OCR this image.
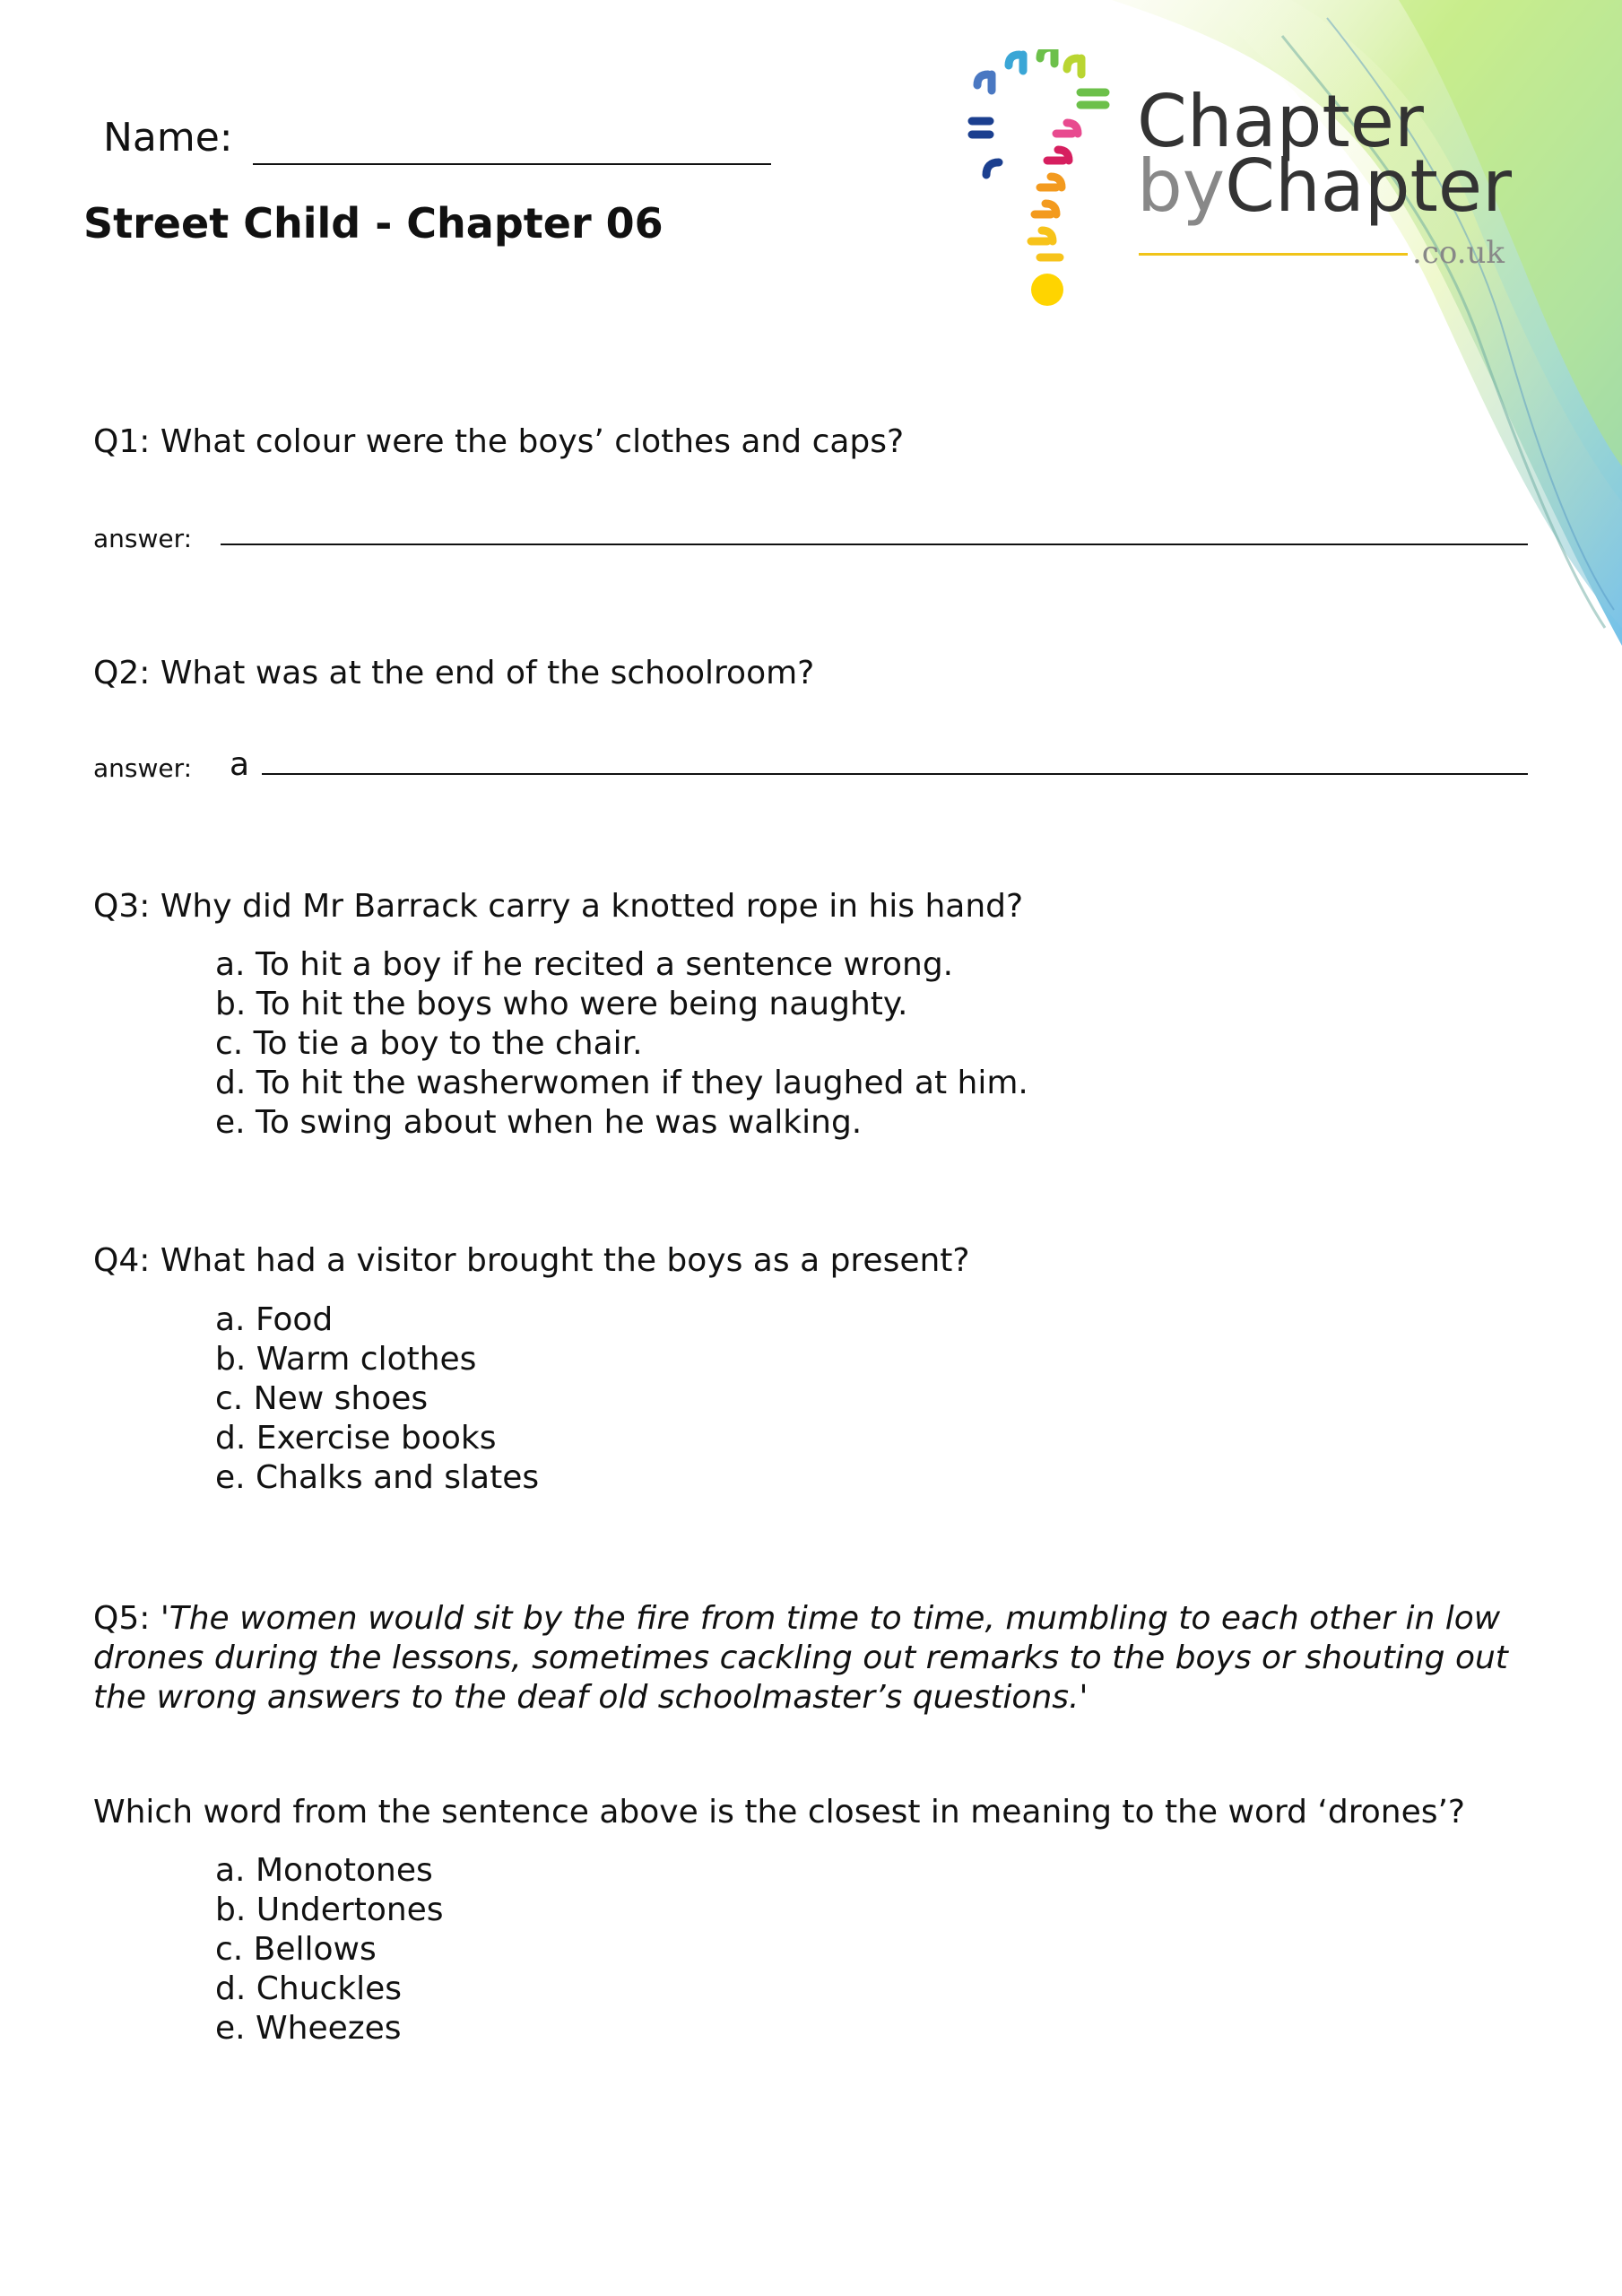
Name:
Street Child - Chapter 06
Chapter
byChapter
.co.uk
Q1: What colour were the boys’ clothes and caps?
answer:
Q2: What was at the end of the schoolroom?
answer: a
Q3: Why did Mr Barrack carry a knotted rope in his hand?
a. To hit a boy if he recited a sentence wrong.
b. To hit the boys who were being naughty.
c. To tie a boy to the chair.
d. To hit the washerwomen if they laughed at him.
e. To swing about when he was walking.
Q4: What had a visitor brought the boys as a present?
a. Food
b. Warm clothes
c. New shoes
d. Exercise books
e. Chalks and slates
Q5: 'The women would sit by the fire from time to time, mumbling to each other in low drones during the lessons, sometimes cackling out remarks to the boys or shouting out the wrong answers to the deaf old schoolmaster’s questions.'
Which word from the sentence above is the closest in meaning to the word ‘drones’?
a. Monotones
b. Undertones
c. Bellows
d. Chuckles
e. Wheezes
